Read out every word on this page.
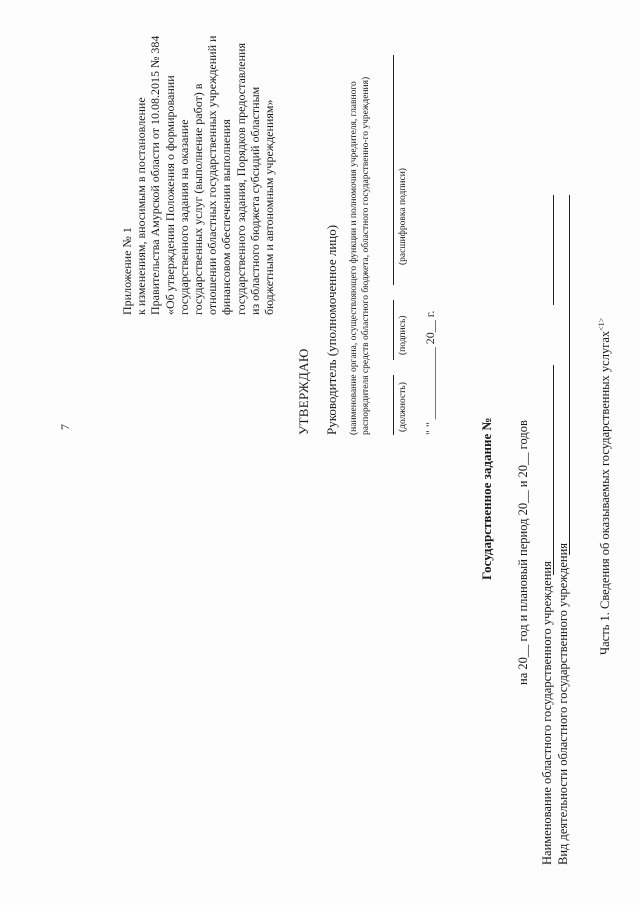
7
Приложение № 1 к изменениям, вносимым в постановление Правительства Амурской области от 10.08.2015 № 384 «Об утверждении Положения о формировании государственного задания на оказание государственных услуг (выполнение работ) в отношении областных государственных учреждений и финансовом обеспечении выполнения государственного задания, Порядков предоставления из областного бюджета субсидий областным бюджетным и автономным учреждениям»
УТВЕРЖДАЮ Руководитель (уполномоченное лицо) (наименование органа, осуществляющего функции и полномочия учредителя, главного распорядителя средств областного бюджета, областного государственно-го учреждения)	(должность)
(подпись)
(расшифровка подписи)
" " ____________ 20__ г.
Государственное задание № на 20__ год и плановый период 20__ и 20__ годов
Наименование областного государственного учреждения Вид деятельности областного государственного учреждения
Часть 1. Сведения об оказываемых государственных услугах$^{<1>}$
